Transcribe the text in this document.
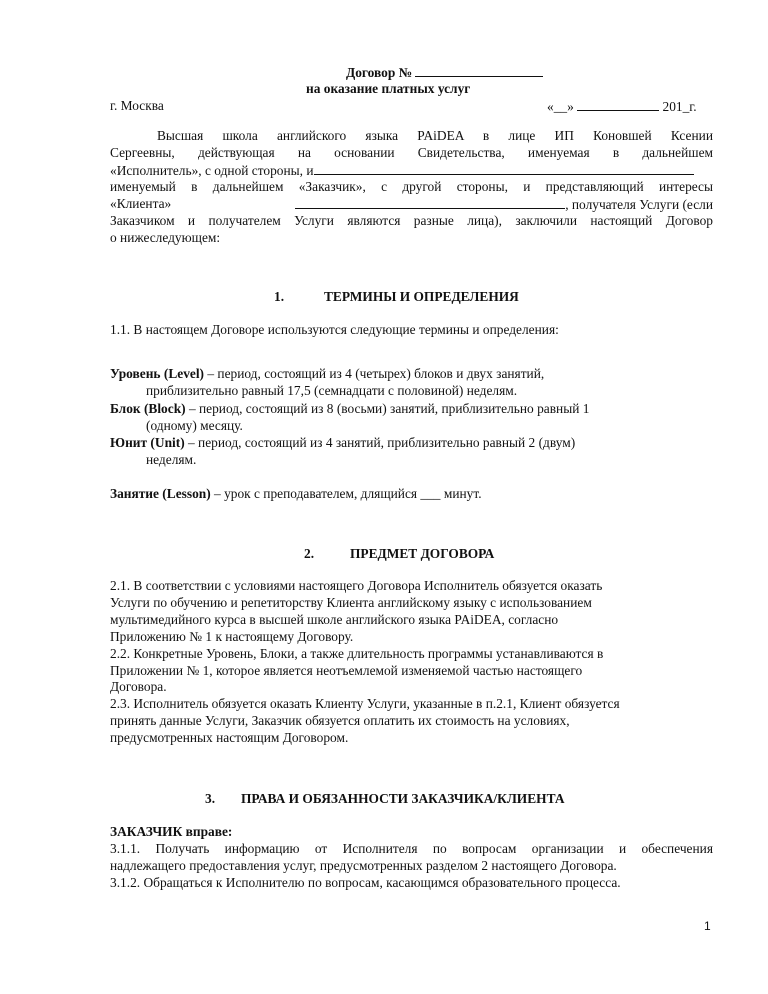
Договор №
на оказание платных услуг
г. Москва	«__»	201_г.
Высшая школа английского языка PAiDEA в лице ИП Коновшей Ксении
Сергеевны, действующая на основании Свидетельства, именуемая в дальнейшем
«Исполнитель», с одной стороны, и
именуемый в дальнейшем «Заказчик», с другой стороны, и представляющий интересы
«Клиента»	, получателя Услуги (если
Заказчиком и получателем Услуги являются разные лица), заключили настоящий Договор
о нижеследующем:
1.	ТЕРМИНЫ И ОПРЕДЕЛЕНИЯ
1.1. В настоящем Договоре используются следующие термины и определения:
Уровень (Level) – период, состоящий из 4 (четырех) блоков и двух занятий,
приблизительно равный 17,5 (семнадцати с половиной) неделям.
Блок (Block) – период, состоящий из 8 (восьми) занятий, приблизительно равный 1
(одному) месяцу.
Юнит (Unit) – период, состоящий из 4 занятий, приблизительно равный 2 (двум)
неделям.
Занятие (Lesson) – урок с преподавателем, длящийся ___ минут.
2.	ПРЕДМЕТ ДОГОВОРА
2.1. В соответствии с условиями настоящего Договора Исполнитель обязуется оказать
Услуги по обучению и репетиторству Клиента английскому языку с использованием
мультимедийного курса в высшей школе английского языка PAiDEA, согласно
Приложению № 1 к настоящему Договору.
2.2. Конкретные Уровень, Блоки, а также длительность программы устанавливаются в
Приложении № 1, которое является неотъемлемой изменяемой частью настоящего
Договора.
2.3. Исполнитель обязуется оказать Клиенту Услуги, указанные в п.2.1, Клиент обязуется
принять данные Услуги, Заказчик обязуется оплатить их стоимость на условиях,
предусмотренных настоящим Договором.
3. ПРАВА И ОБЯЗАННОСТИ ЗАКАЗЧИКА/КЛИЕНТА
ЗАКАЗЧИК вправе:
3.1.1. Получать информацию от Исполнителя по вопросам организации и обеспечения
надлежащего предоставления услуг, предусмотренных разделом 2 настоящего Договора.
3.1.2. Обращаться к Исполнителю по вопросам, касающимся образовательного процесса.
1
